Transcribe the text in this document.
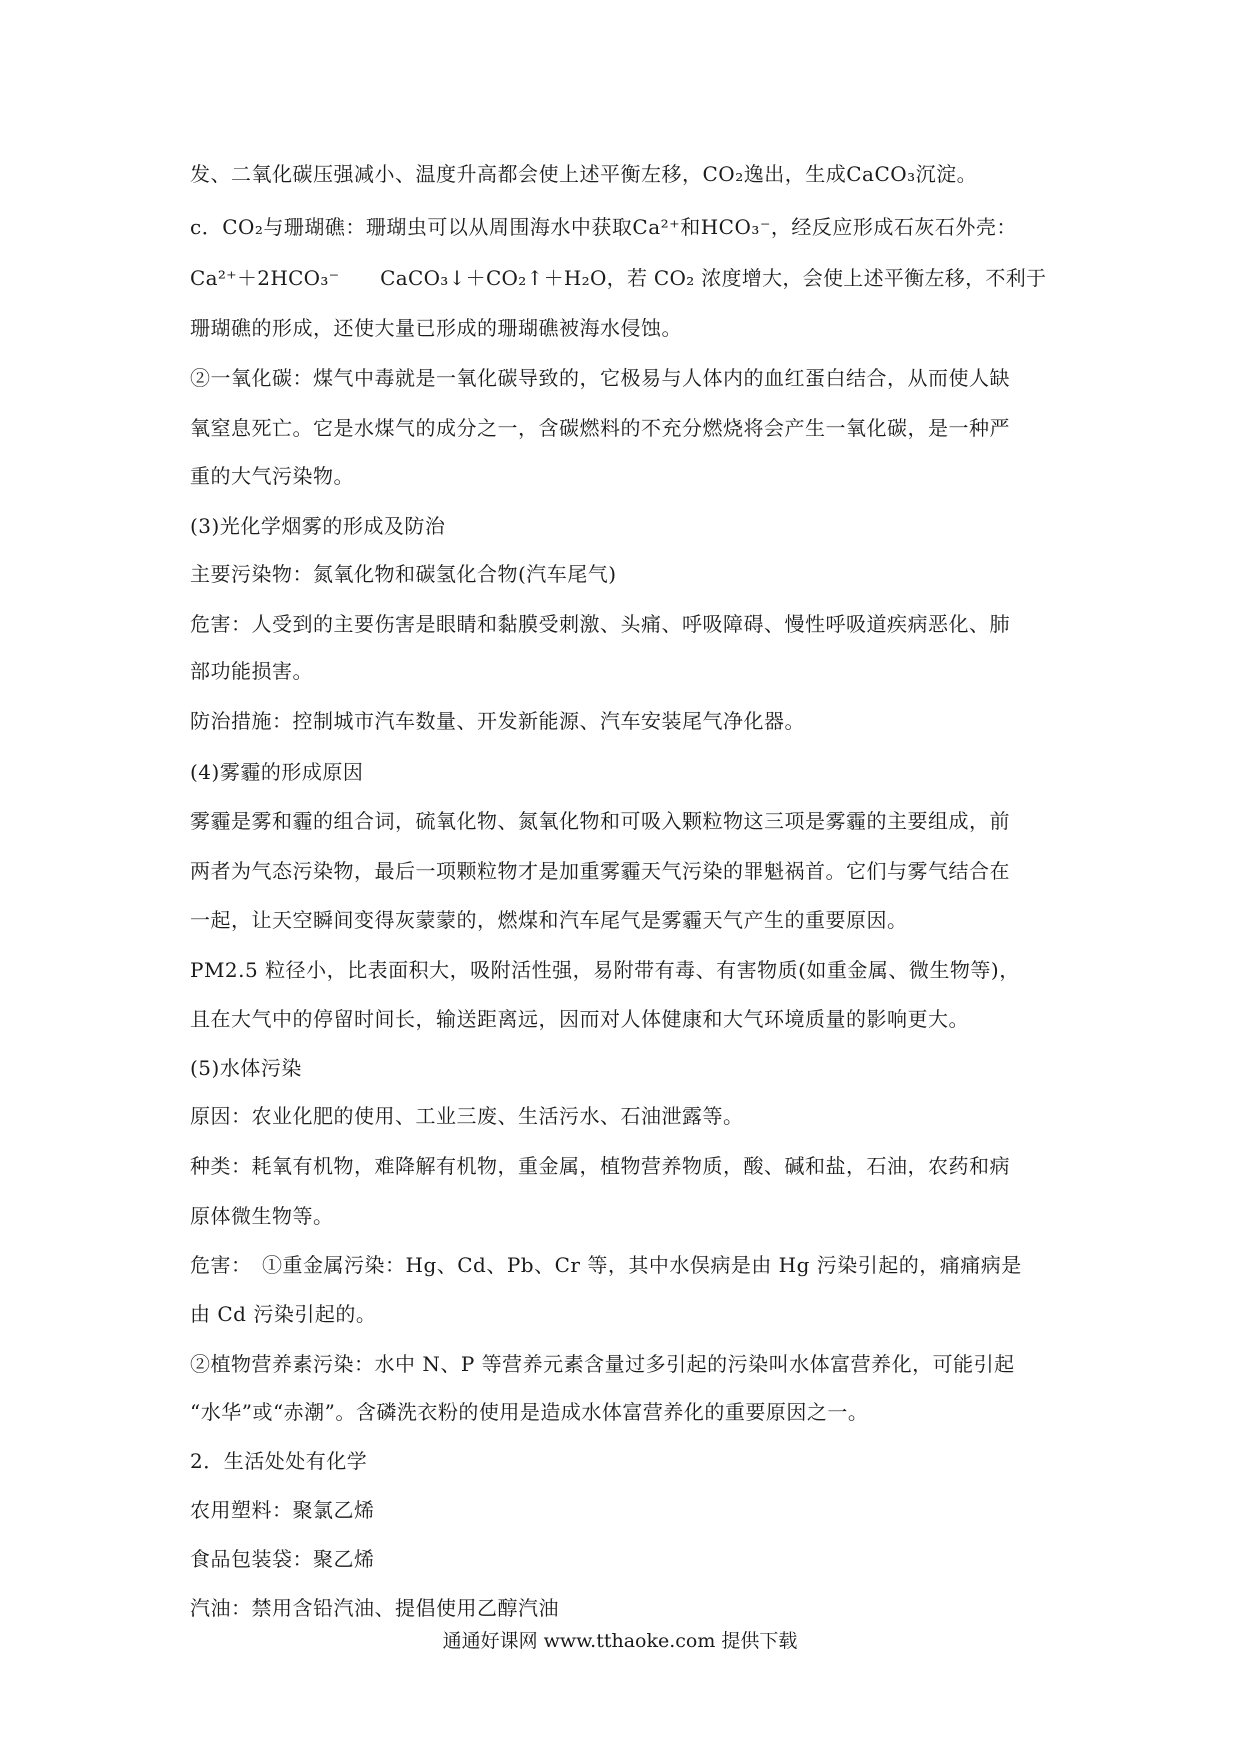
发、二氧化碳压强减小、温度升高都会使上述平衡左移，CO₂逸出，生成CaCO₃沉淀。
c．CO₂与珊瑚礁：珊瑚虫可以从周围海水中获取Ca²⁺和HCO₃⁻，经反应形成石灰石外壳：
Ca²⁺＋2HCO₃⁻　　CaCO₃↓＋CO₂↑＋H₂O，若 CO₂ 浓度增大，会使上述平衡左移，不利于
珊瑚礁的形成，还使大量已形成的珊瑚礁被海水侵蚀。
②一氧化碳：煤气中毒就是一氧化碳导致的，它极易与人体内的血红蛋白结合，从而使人缺
氧窒息死亡。它是水煤气的成分之一，含碳燃料的不充分燃烧将会产生一氧化碳，是一种严
重的大气污染物。
(3)光化学烟雾的形成及防治
主要污染物：氮氧化物和碳氢化合物(汽车尾气)
危害：人受到的主要伤害是眼睛和黏膜受刺激、头痛、呼吸障碍、慢性呼吸道疾病恶化、肺
部功能损害。
防治措施：控制城市汽车数量、开发新能源、汽车安装尾气净化器。
(4)雾霾的形成原因
雾霾是雾和霾的组合词，硫氧化物、氮氧化物和可吸入颗粒物这三项是雾霾的主要组成，前
两者为气态污染物，最后一项颗粒物才是加重雾霾天气污染的罪魁祸首。它们与雾气结合在
一起，让天空瞬间变得灰蒙蒙的，燃煤和汽车尾气是雾霾天气产生的重要原因。
PM2.5 粒径小，比表面积大，吸附活性强，易附带有毒、有害物质(如重金属、微生物等)，
且在大气中的停留时间长，输送距离远，因而对人体健康和大气环境质量的影响更大。
(5)水体污染
原因：农业化肥的使用、工业三废、生活污水、石油泄露等。
种类：耗氧有机物，难降解有机物，重金属，植物营养物质，酸、碱和盐，石油，农药和病
原体微生物等。
危害：　①重金属污染：Hg、Cd、Pb、Cr 等，其中水俣病是由 Hg 污染引起的，痛痛病是
由 Cd 污染引起的。
②植物营养素污染：水中 N、P 等营养元素含量过多引起的污染叫水体富营养化，可能引起
“水华”或“赤潮”。含磷洗衣粉的使用是造成水体富营养化的重要原因之一。
2．生活处处有化学
农用塑料：聚氯乙烯
食品包装袋：聚乙烯
汽油：禁用含铅汽油、提倡使用乙醇汽油
通通好课网 www.tthaoke.com 提供下载
